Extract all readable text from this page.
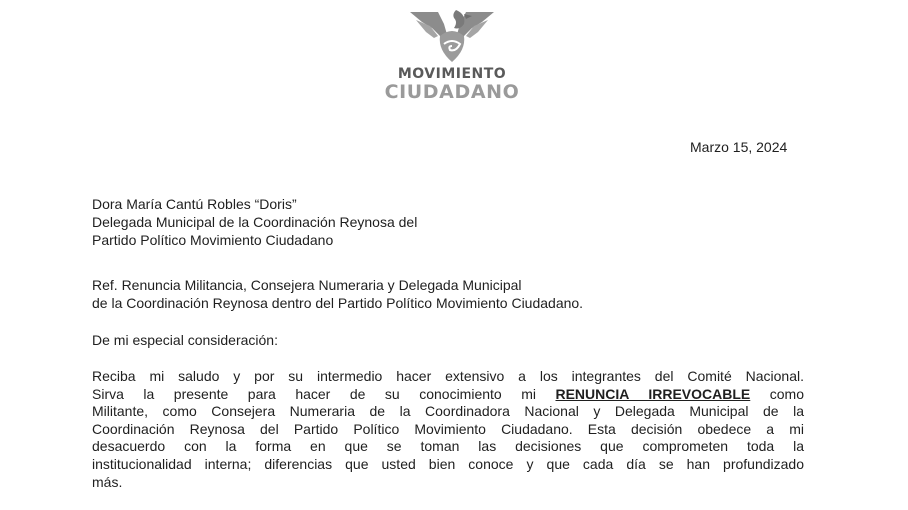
MOVIMIENTO
CIUDADANO
Marzo 15, 2024
Dora María Cantú Robles “Doris”
Delegada Municipal de la Coordinación Reynosa del
Partido Político Movimiento Ciudadano
Ref. Renuncia Militancia, Consejera Numeraria y Delegada Municipal
de la Coordinación Reynosa dentro del Partido Político Movimiento Ciudadano.
De mi especial consideración:
Reciba mi saludo y por su intermedio hacer extensivo a los integrantes del Comité Nacional.
Sirva la presente para hacer de su conocimiento mi RENUNCIA IRREVOCABLE como
Militante, como Consejera Numeraria de la Coordinadora Nacional y Delegada Municipal de la
Coordinación Reynosa del Partido Político Movimiento Ciudadano. Esta decisión obedece a mi
desacuerdo con la forma en que se toman las decisiones que comprometen toda la
institucionalidad interna; diferencias que usted bien conoce y que cada día se han profundizado
más.
